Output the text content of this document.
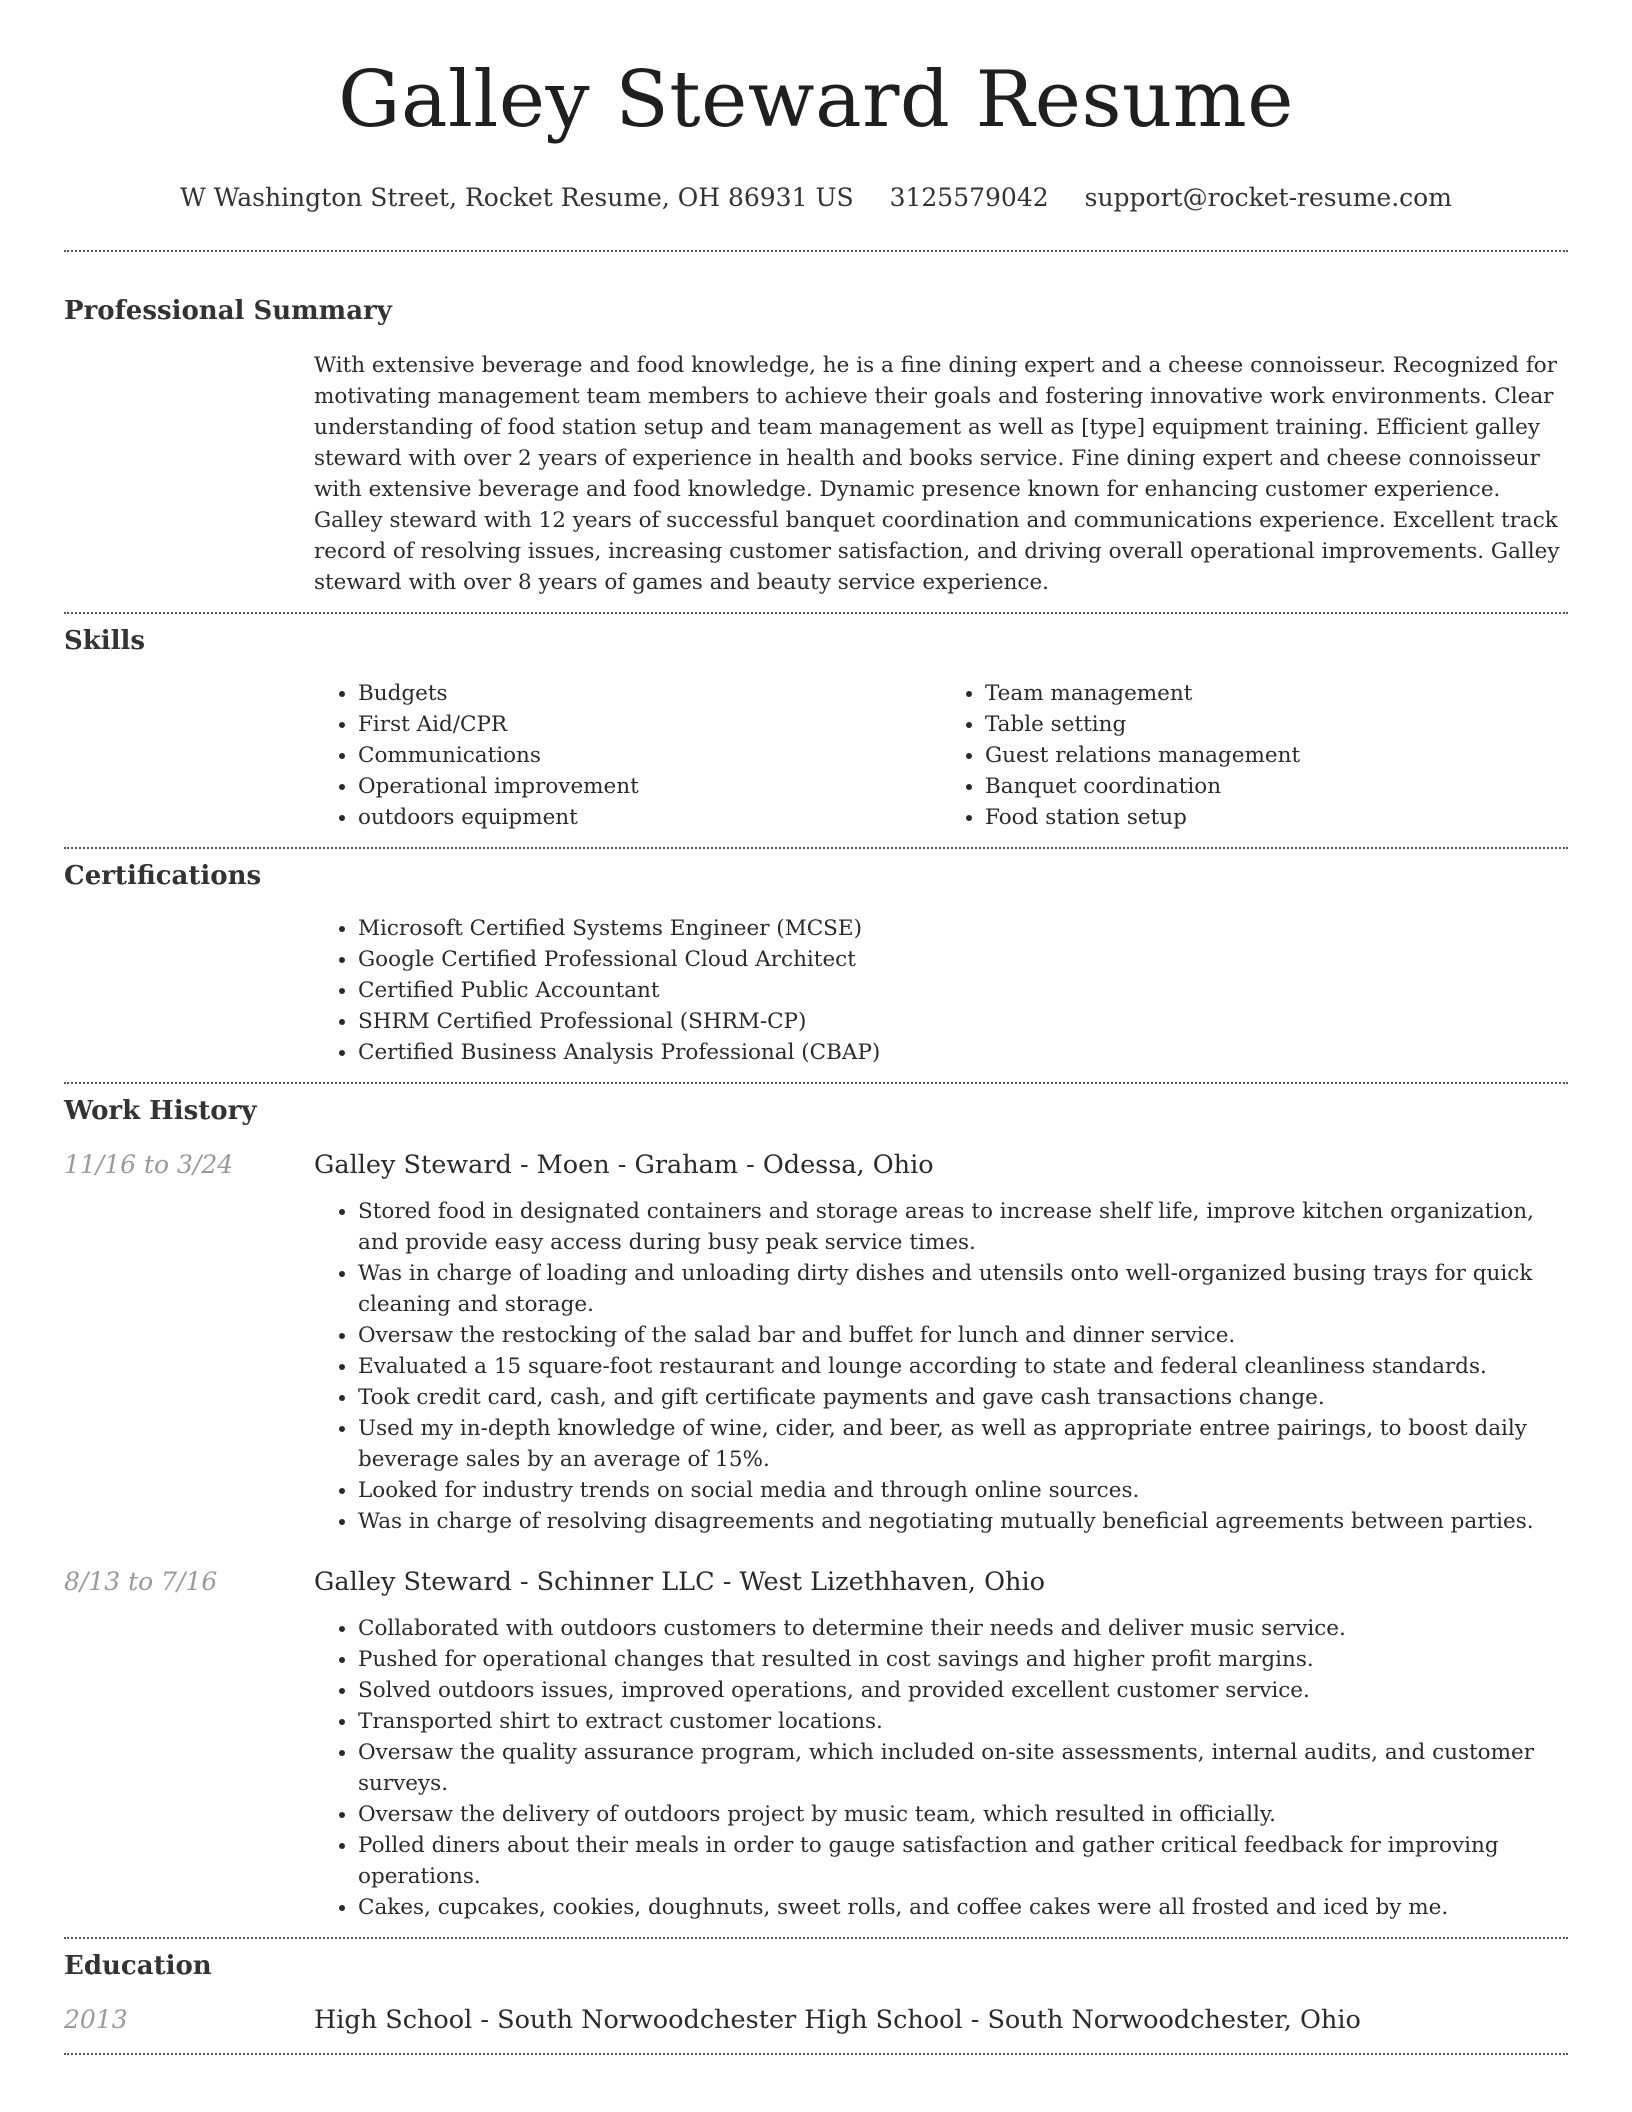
Galley Steward Resume
W Washington Street, Rocket Resume, OH 86931 US 3125579042 support@rocket-resume.com
Professional Summary

With extensive beverage and food knowledge, he is a fine dining expert and a cheese connoisseur. Recognized for motivating management team members to achieve their goals and fostering innovative work environments. Clear understanding of food station setup and team management as well as [type] equipment training. Efficient galley steward with over 2 years of experience in health and books service. Fine dining expert and cheese connoisseur with extensive beverage and food knowledge. Dynamic presence known for enhancing customer experience. Galley steward with 12 years of successful banquet coordination and communications experience. Excellent track record of resolving issues, increasing customer satisfaction, and driving overall operational improvements. Galley steward with over 8 years of games and beauty service experience.

Skills
• Budgets
• First Aid/CPR
• Communications
• Operational improvement
• outdoors equipment
• Team management
• Table setting
• Guest relations management
• Banquet coordination
• Food station setup
Certifications
• Microsoft Certified Systems Engineer (MCSE)
• Google Certified Professional Cloud Architect
• Certified Public Accountant
• SHRM Certified Professional (SHRM-CP)
• Certified Business Analysis Professional (CBAP)
Work History
11/16 to 3/24	Galley Steward - Moen - Graham - Odessa, Ohio
• Stored food in designated containers and storage areas to increase shelf life, improve kitchen organization, and provide easy access during busy peak service times.
• Was in charge of loading and unloading dirty dishes and utensils onto well-organized busing trays for quick cleaning and storage.
• Oversaw the restocking of the salad bar and buffet for lunch and dinner service.
• Evaluated a 15 square-foot restaurant and lounge according to state and federal cleanliness standards.
• Took credit card, cash, and gift certificate payments and gave cash transactions change.
• Used my in-depth knowledge of wine, cider, and beer, as well as appropriate entree pairings, to boost daily beverage sales by an average of 15%.
• Looked for industry trends on social media and through online sources.
• Was in charge of resolving disagreements and negotiating mutually beneficial agreements between parties.
8/13 to 7/16	Galley Steward - Schinner LLC - West Lizethhaven, Ohio
• Collaborated with outdoors customers to determine their needs and deliver music service.
• Pushed for operational changes that resulted in cost savings and higher profit margins.
• Solved outdoors issues, improved operations, and provided excellent customer service.
• Transported shirt to extract customer locations.
• Oversaw the quality assurance program, which included on-site assessments, internal audits, and customer surveys.
• Oversaw the delivery of outdoors project by music team, which resulted in officially.
• Polled diners about their meals in order to gauge satisfaction and gather critical feedback for improving operations.
• Cakes, cupcakes, cookies, doughnuts, sweet rolls, and coffee cakes were all frosted and iced by me.
Education
2013	High School - South Norwoodchester High School - South Norwoodchester, Ohio
